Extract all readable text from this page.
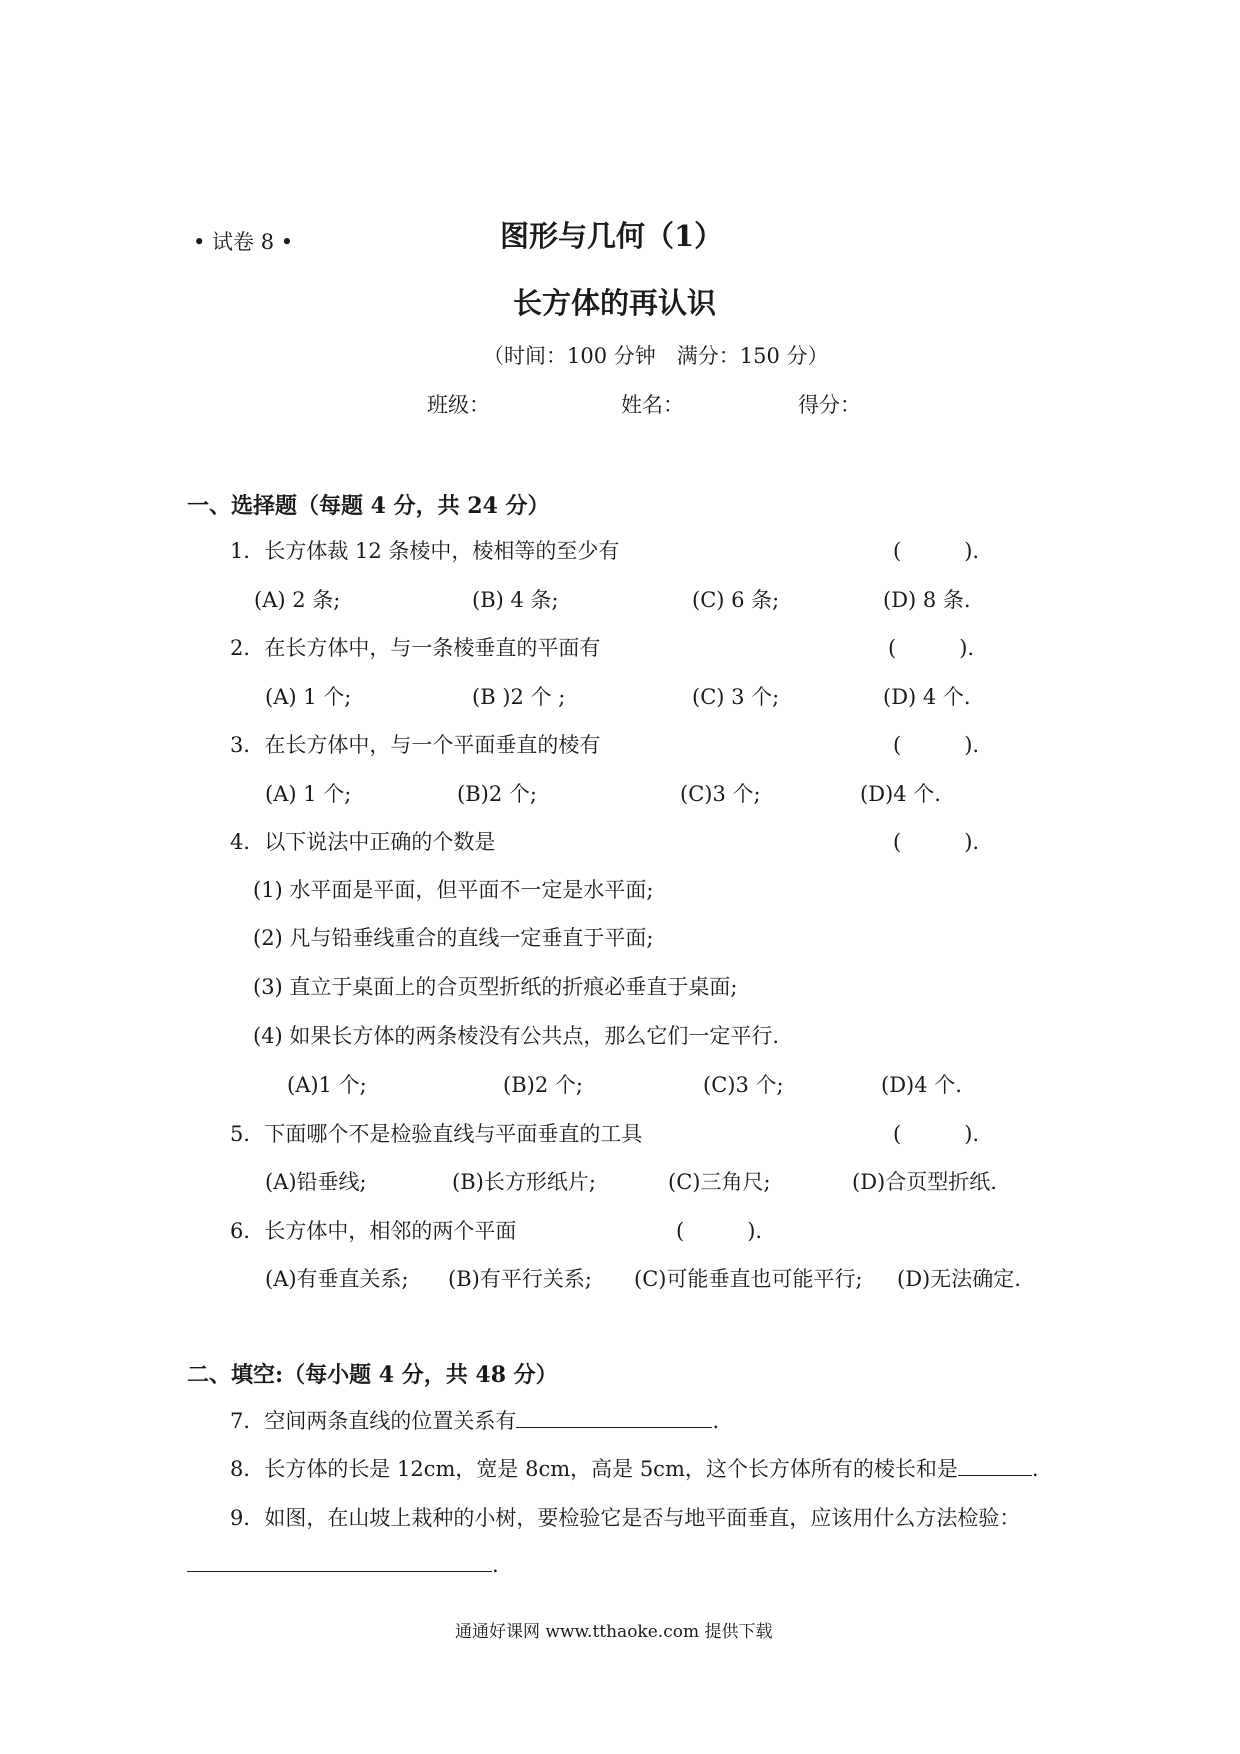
• 试卷 8 •	图形与几何（1）
长方体的再认识
（时间：100 分钟　满分：150 分）
班级：	姓名：	得分：
一、选择题（每题 4 分，共 24 分）
1．长方体裁 12 条棱中，棱相等的至少有	(　　　).
(A) 2 条;	(B) 4 条;	(C) 6 条;	(D) 8 条.
2．在长方体中，与一条棱垂直的平面有	(　　　).
(A) 1 个;	(B )2 个 ;	(C) 3 个;	(D) 4 个.
3．在长方体中，与一个平面垂直的棱有	(　　　).
(A) 1 个;	(B)2 个;	(C)3 个;	(D)4 个.
4．以下说法中正确的个数是	(　　　).
(1) 水平面是平面，但平面不一定是水平面;
(2) 凡与铅垂线重合的直线一定垂直于平面;
(3) 直立于桌面上的合页型折纸的折痕必垂直于桌面;
(4) 如果长方体的两条棱没有公共点，那么它们一定平行.
(A)1 个;	(B)2 个;	(C)3 个;	(D)4 个.
5．下面哪个不是检验直线与平面垂直的工具	(　　　).
(A)铅垂线;	(B)长方形纸片;	(C)三角尺;	(D)合页型折纸.
6．长方体中，相邻的两个平面	(　　　).
(A)有垂直关系; (B)有平行关系; (C)可能垂直也可能平行; (D)无法确定.
二、填空:（每小题 4 分，共 48 分）
7．空间两条直线的位置关系有	.
8．长方体的长是 12cm，宽是 8cm，高是 5cm，这个长方体所有的棱长和是	.
9．如图，在山坡上栽种的小树，要检验它是否与地平面垂直，应该用什么方法检验：
.
通通好课网 www.tthaoke.com 提供下载
